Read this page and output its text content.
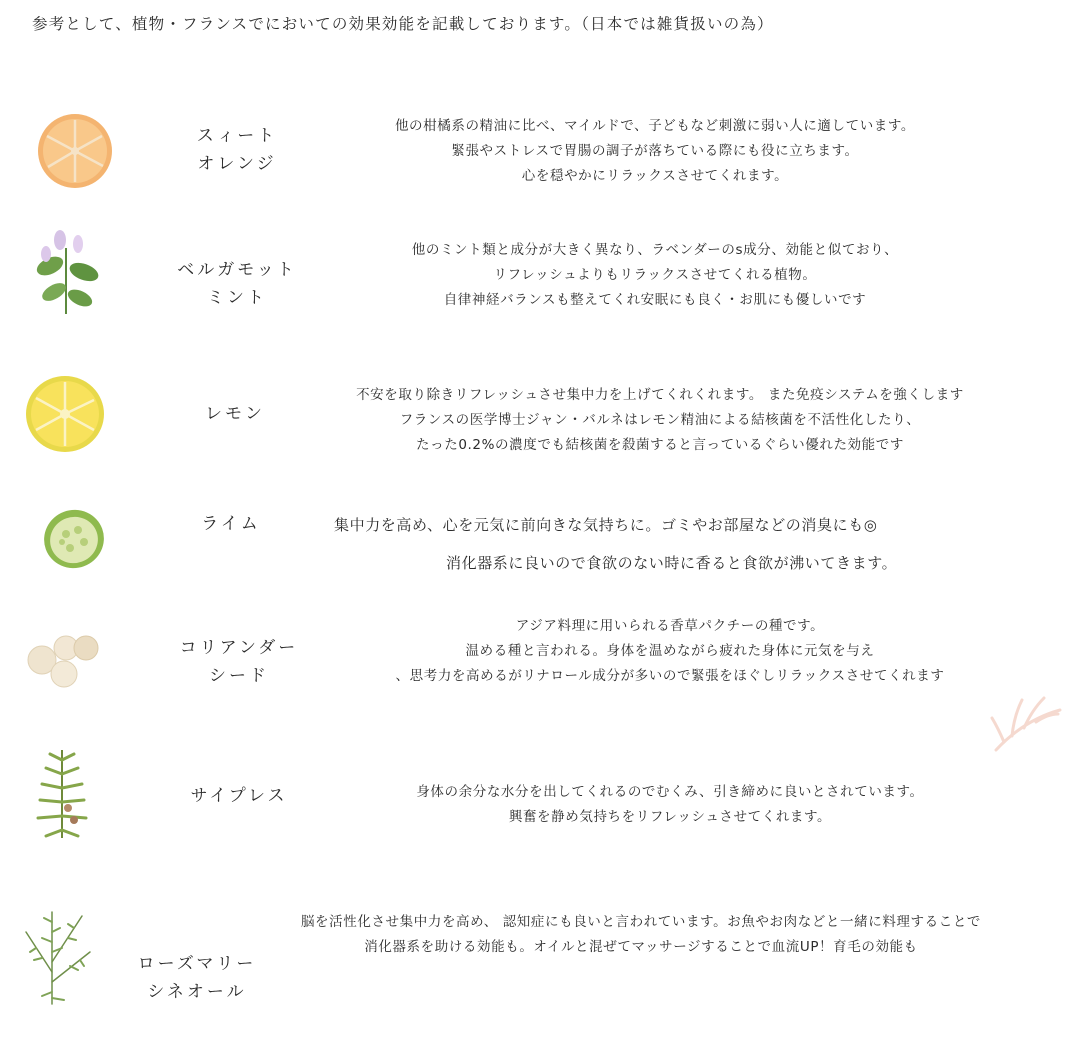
参考として、植物・フランスでにおいての効果効能を記載しております。（日本では雑貨扱いの為）
スィート
オレンジ
他の柑橘系の精油に比べ、マイルドで、子どもなど刺激に弱い人に適しています。
緊張やストレスで胃腸の調子が落ちている際にも役に立ちます。
心を穏やかにリラックスさせてくれます。
ベルガモット
ミント
他のミント類と成分が大きく異なり、ラベンダーのs成分、効能と似ており、
リフレッシュよりもリラックスさせてくれる植物。
自律神経バランスも整えてくれ安眠にも良く・お肌にも優しいです
レモン
不安を取り除きリフレッシュさせ集中力を上げてくれくれます。 また免疫システムを強くします
フランスの医学博士ジャン・バルネはレモン精油による結核菌を不活性化したり、
たった0.2%の濃度でも結核菌を殺菌すると言っているぐらい優れた効能です
ライム	集中力を高め、心を元気に前向きな気持ちに。ゴミやお部屋などの消臭にも◎
消化器系に良いので食欲のない時に香ると食欲が沸いてきます。
コリアンダー
シード
アジア料理に用いられる香草パクチーの種です。
温める種と言われる。身体を温めながら疲れた身体に元気を与え
、思考力を高めるがリナロール成分が多いので緊張をほぐしリラックスさせてくれます
サイプレス	身体の余分な水分を出してくれるのでむくみ、引き締めに良いとされています。
興奮を静め気持ちをリフレッシュさせてくれます。
ローズマリー
シネオール
脳を活性化させ集中力を高め、 認知症にも良いと言われています。お魚やお肉などと一緒に料理することで
消化器系を助ける効能も。オイルと混ぜてマッサージすることで血流UP！育毛の効能も
